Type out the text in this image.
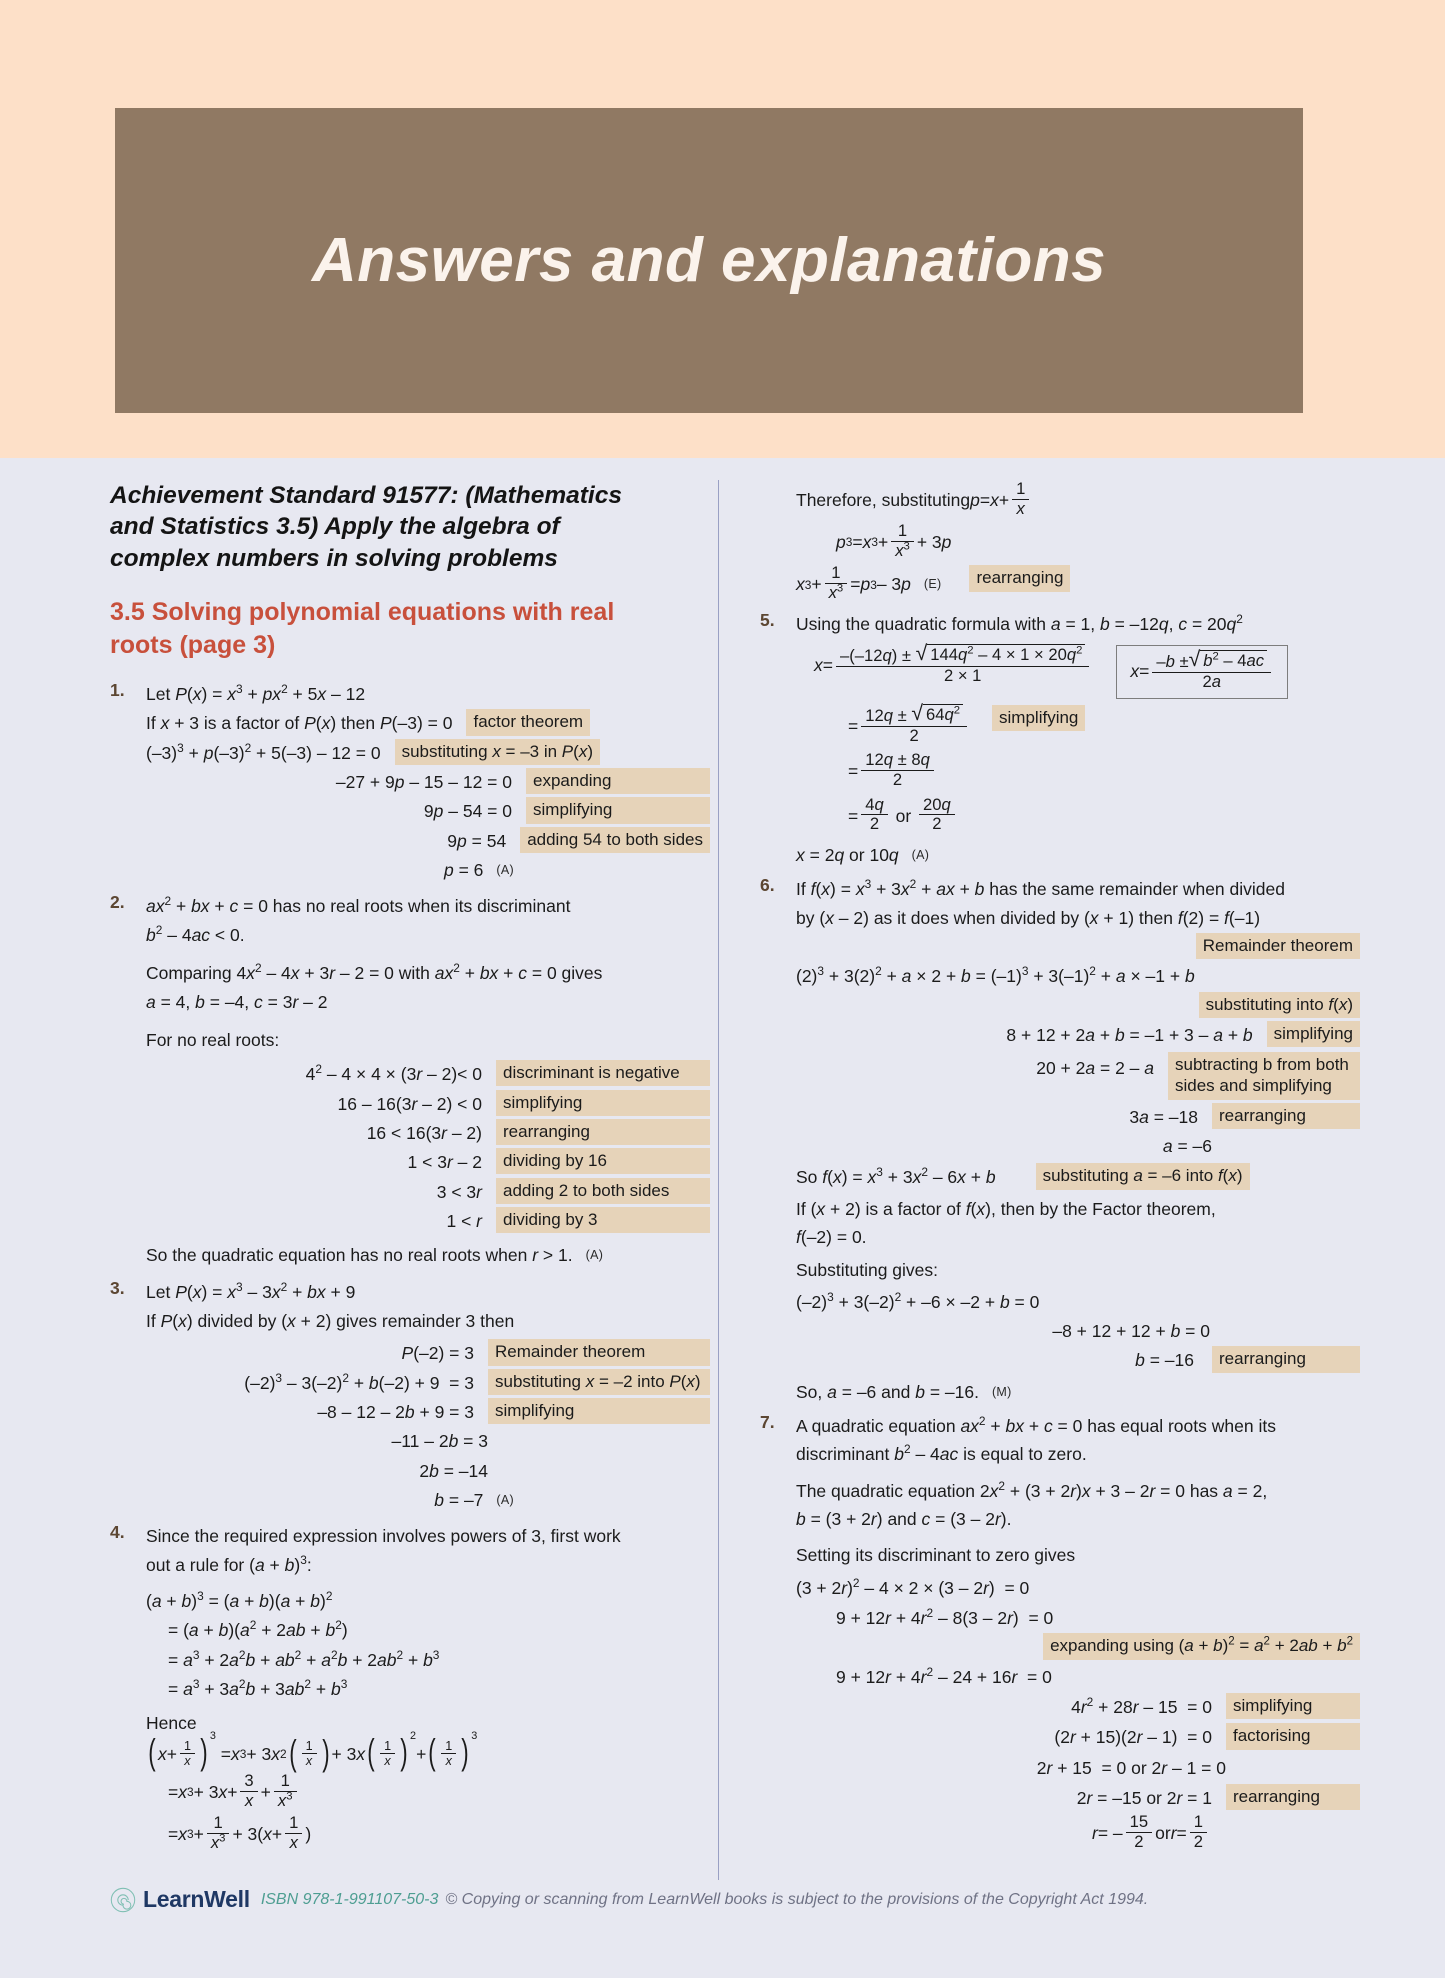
Answers and explanations
Achievement Standard 91577: (Mathematics
and Statistics 3.5) Apply the algebra of
complex numbers in solving problems
3.5 Solving polynomial equations with real
roots (page 3)
1.	Let $P(x) = x^3 + px^2 + 5x - 12$
If x + 3 is a factor of P(x) then P(–3) = 0	factor theorem
$(-3)^3 + p(-3)^2 + 5(-3) - 12 = 0$	substituting x = –3 in P(x)
–27 + 9p – 15 – 12 = 0	expanding
9p – 54 = 0	simplifying
9p = 54	adding 54 to both sides
p = 6 (A)
2.	$ax^2$ + bx + c = 0 has no real roots when its discriminant
$b^2 - 4ac < 0$.
Comparing $4x^2 - 4x + 3r - 2 = 0$ with $ax^2$ + bx + c = 0 gives
a = 4, b = –4, c = 3r – 2
For no real roots:
$4^2 - 4 \times 4 \times (3r - 2)< 0$	discriminant is negative
16 – 16(3r – 2) < 0	simplifying
16 < 16(3r – 2)	rearranging
1 < 3r – 2	dividing by 16
3 < 3r	adding 2 to both sides
1 < r	dividing by 3
So the quadratic equation has no real roots when r > 1. (A)
3.	Let $P(x) = x^3 - 3x^2$ + bx + 9
If P(x) divided by (x + 2) gives remainder 3 then
P(–2) = 3	Remainder theorem
$(-2)^3 - 3(-2)^2 + b(-2) + 9 = 3$	substituting x = –2 into P(x)
–8 – 12 – 2b + 9 = 3	simplifying
–11 – 2b = 3
2b = –14
b = –7 (A)
4.	Since the required expression involves powers of 3, first work
out a rule for $(a + b)^3$:
$(a + b)^3 = (a + b)(a + b)^2$
= $(a + b)(a^2 + 2ab + b^2)$
= $a^3 + 2a^2b + ab^2 + a^2b + 2ab^2 + b^3$
= $a^3 + 3a^2b + 3ab^2 + b^3$
Hence
( x + 1
x )$^3$
= x 3 + 3 x 2 ( 1
x ) + 3 x ( 1
x )$^2$
+ ( 1
x )$^3$
= x 3 + 3 x +
3
x +
1
$x^3$
= x 3 +
1
$x^3 + 3$( x +
1
x )
Therefore, substituting p = x +
1
x
p 3 = x 3 +
1
$x^3 + 3$ p
x 3 +
1
$x^3 = p$ 3 – 3 p (E)	rearranging
5.	Using the quadratic formula with a = 1, b = –12q, $c = 20q^2$
x = –(–12q) ± √ $144q^2 - 4 \times 1 \times 20q^2$
2 × 1	x = –b ± √ $b^2 - 4ac$
2a
= 12q ± √ $64q^2$
2
simplifying
=
12q ± 8q
2
=
4q
2 or
20q
2
x = 2q or 10q (A)
6.	If $f(x) = x^3 + 3x^2$ + ax + b has the same remainder when divided
by (x – 2) as it does when divided by (x + 1) then f(2) = f(–1)
Remainder theorem
$(2)^3 + 3(2)^2 + a \times 2 + b = (-1)^3 + 3(-1)^2 + a \times -1 + b$
substituting into f(x)
8 + 12 + 2a + b = –1 + 3 – a + b	simplifying
20 + 2a = 2 – a	subtracting b from both sides and simplifying
3a = –18	rearranging
a = –6
So $f(x) = x^3 + 3x^2 - 6x + b$	substituting a = –6 into f(x)
If (x + 2) is a factor of f(x), then by the Factor theorem,
f(–2) = 0.
Substituting gives:
$(-2)^3 + 3(-2)^2 + -6 \times -2 + b = 0$
–8 + 12 + 12 + b = 0
b = –16	rearranging
So, a = –6 and b = –16. (M)
7.	A quadratic equation $ax^2$ + bx + c = 0 has equal roots when its
discriminant $b^2 - 4ac$ is equal to zero.
The quadratic equation $2x^2 + (3 + 2r)x + 3 - 2r = 0$ has a = 2,
b = (3 + 2r) and c = (3 – 2r).
Setting its discriminant to zero gives
$(3 + 2r)^2 - 4 \times 2 \times (3 - 2r) = 0$
$9 + 12r + 4r^2 - 8(3 - 2r) = 0$
expanding using $(a + b)^2 = a^2 + 2ab + b^2$
$9 + 12r + 4r^2 - 24 + 16r = 0$
$4r^2 + 28r - 15 = 0$	simplifying
(2r + 15)(2r – 1)  = 0	factorising
2r + 15  = 0 or 2r – 1 = 0
2r = –15 or 2r = 1	rearranging
r = –
15
2 or r =
1
2
LearnWell ISBN 978-1-991107-50-3 © Copying or scanning from LearnWell books is subject to the provisions of the Copyright Act 1994.
